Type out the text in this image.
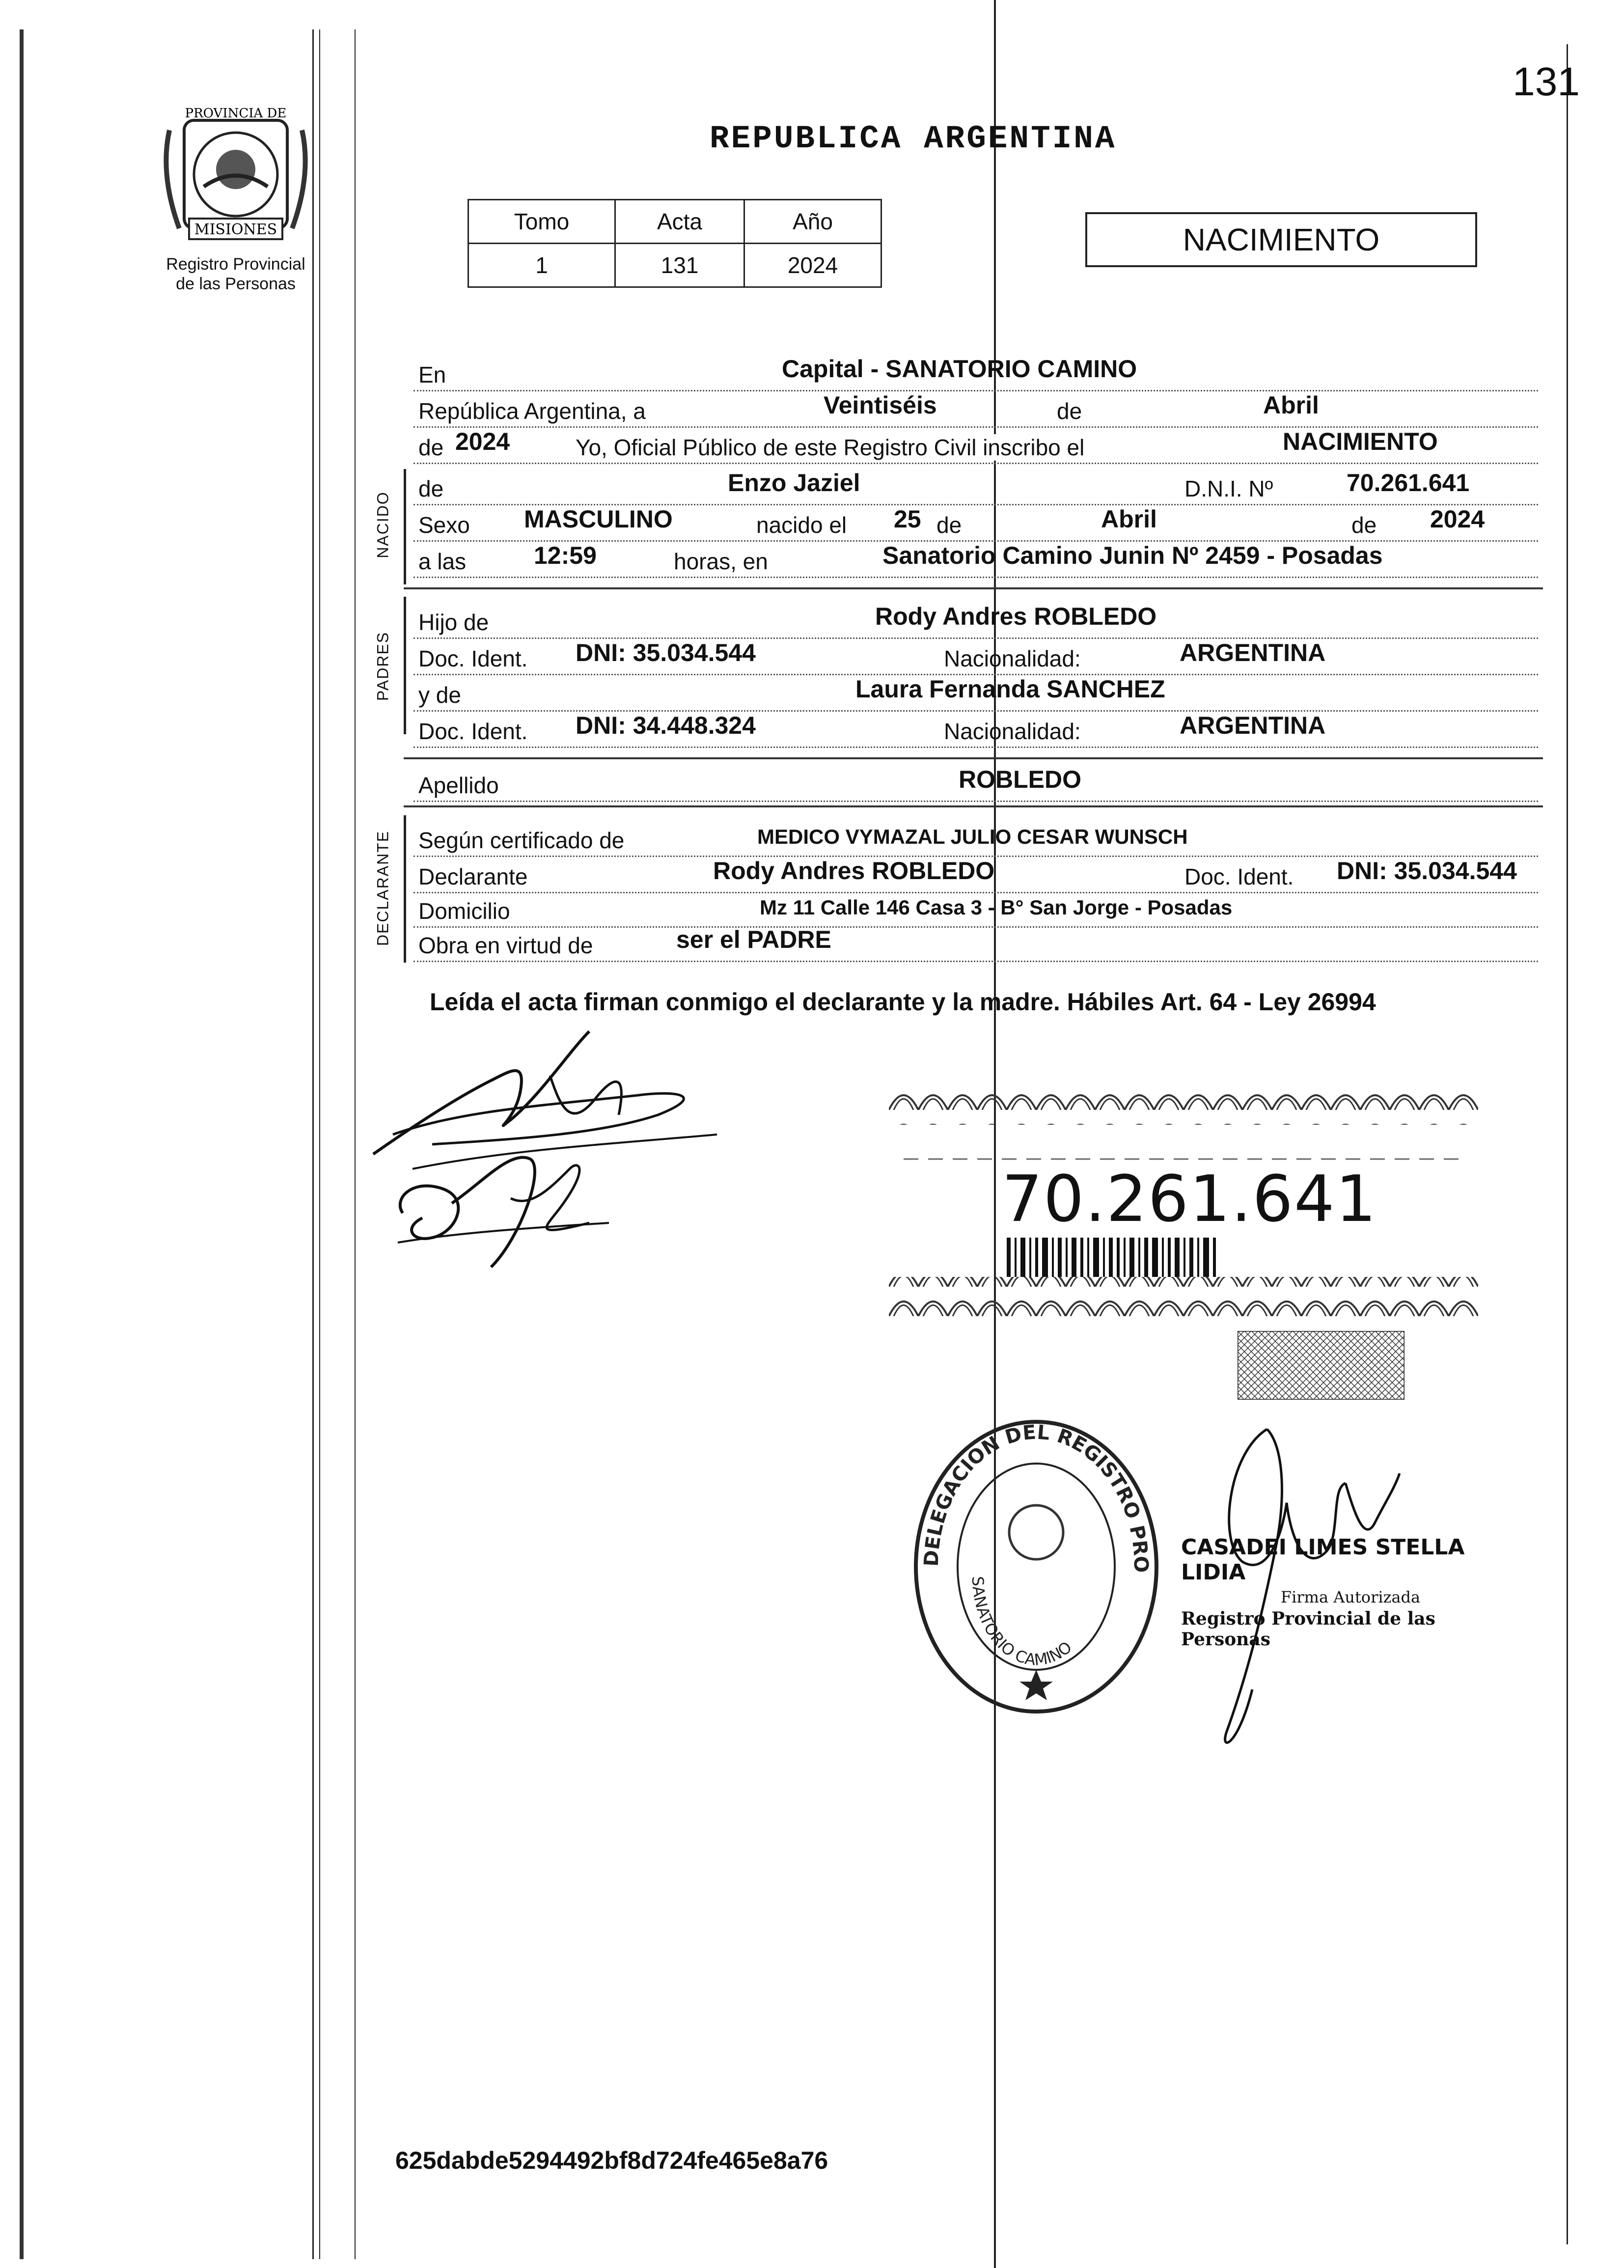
131
PROVINCIA DE
MISIONES
Registro Provincial
de las Personas
REPUBLICA ARGENTINA
Tomo	Acta	Año
1	131	2024
NACIMIENTO
En	Capital - SANATORIO CAMINO
República Argentina, a	Veintiséis	de	Abril
de 2024	Yo, Oficial Público de este Registro Civil inscribo el	NACIMIENTO
NACIDO
de	Enzo Jaziel	D.N.I. Nº	70.261.641
Sexo MASCULINO	nacido el 25 de	Abril	de 2024
a las	12:59	horas, en	Sanatorio Camino Junin Nº 2459 - Posadas
PADRES
Hijo de	Rody Andres ROBLEDO
Doc. Ident. DNI: 35.034.544	Nacionalidad:	ARGENTINA
y de	Laura Fernanda SANCHEZ
Doc. Ident. DNI: 34.448.324	Nacionalidad:	ARGENTINA
Apellido	ROBLEDO
DECLARANTE Según certificado de	MEDICO VYMAZAL JULIO CESAR WUNSCH
Declarante	Rody Andres ROBLEDO	Doc. Ident. DNI: 35.034.544
Domicilio	Mz 11 Calle 146 Casa 3 - B° San Jorge - Posadas
Obra en virtud de	ser el PADRE
Leída el acta firman conmigo el declarante y la madre. Hábiles Art. 64 - Ley 26994
70.261.641
DELEGACION DEL REGISTRO PRO
SANATORIO CAMINO
CASADEI LIMES STELLA LIDIA
Firma Autorizada
Registro Provincial de las Personas
625dabde5294492bf8d724fe465e8a76
